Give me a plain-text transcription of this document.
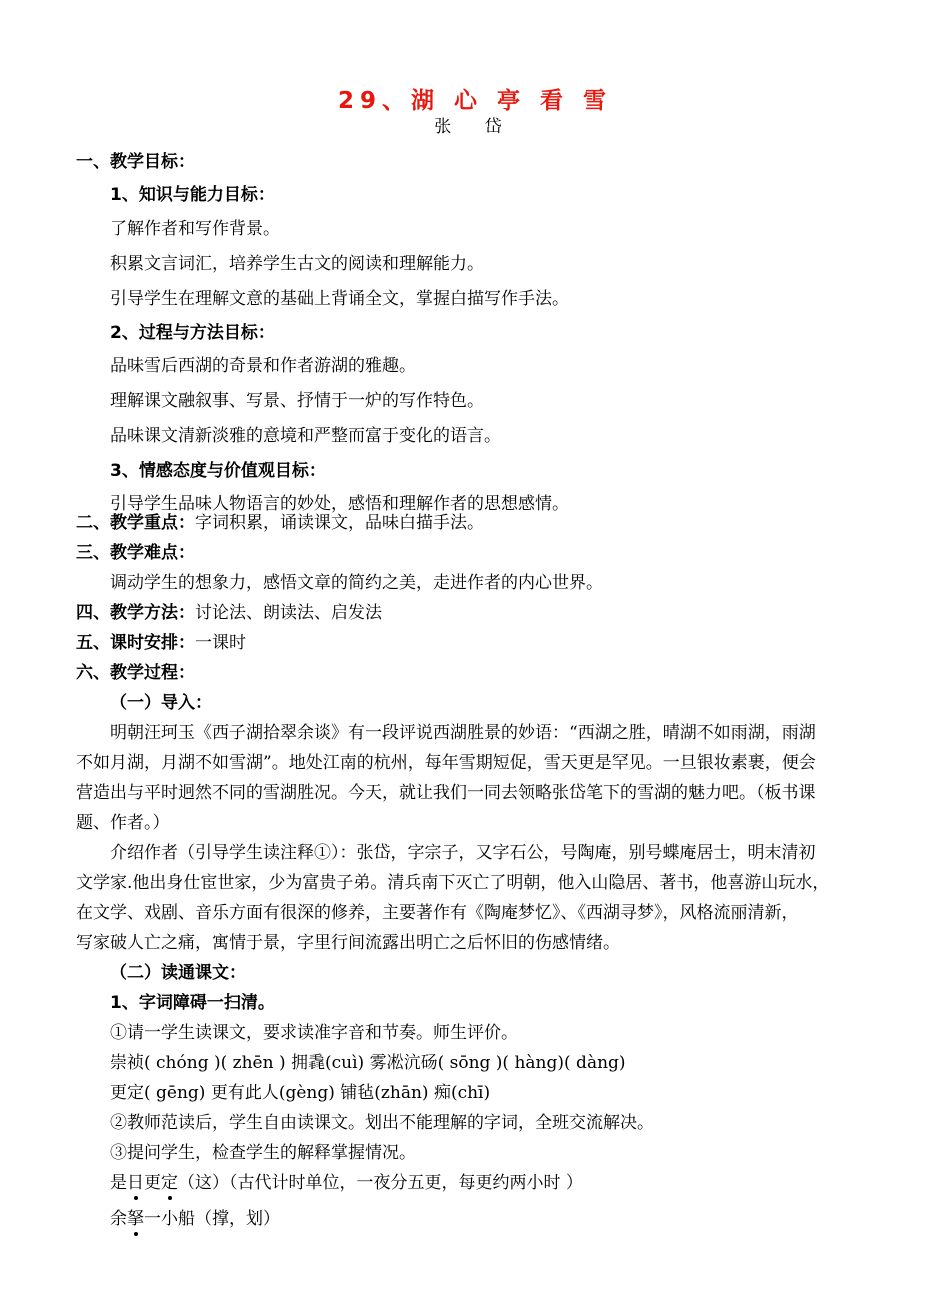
29、湖 心 亭 看 雪
张 岱
一、教学目标：
1、知识与能力目标：
了解作者和写作背景。
积累文言词汇，培养学生古文的阅读和理解能力。
引导学生在理解文意的基础上背诵全文，掌握白描写作手法。
2、过程与方法目标：
品味雪后西湖的奇景和作者游湖的雅趣。
理解课文融叙事、写景、抒情于一炉的写作特色。
品味课文清新淡雅的意境和严整而富于变化的语言。
3、情感态度与价值观目标：
引导学生品味人物语言的妙处，感悟和理解作者的思想感情。
二、教学重点：字词积累，诵读课文，品味白描手法。
三、教学难点：
调动学生的想象力，感悟文章的简约之美，走进作者的内心世界。
四、教学方法：讨论法、朗读法、启发法
五、课时安排：一课时
六、教学过程：
（一）导入：
明朝汪珂玉《西子湖拾翠余谈》有一段评说西湖胜景的妙语：“西湖之胜，晴湖不如雨湖，雨湖
不如月湖，月湖不如雪湖”。地处江南的杭州，每年雪期短促，雪天更是罕见。一旦银妆素裹，便会
营造出与平时迥然不同的雪湖胜况。今天，就让我们一同去领略张岱笔下的雪湖的魅力吧。（板书课
题、作者。）
介绍作者（引导学生读注释①）：张岱，字宗子，又字石公，号陶庵，别号蝶庵居士，明末清初
文学家.他出身仕宦世家，少为富贵子弟。清兵南下灭亡了明朝，他入山隐居、著书，他喜游山玩水，
在文学、戏剧、音乐方面有很深的修养，主要著作有《陶庵梦忆》、《西湖寻梦》，风格流丽清新，
写家破人亡之痛，寓情于景，字里行间流露出明亡之后怀旧的伤感情绪。
（二）读通课文：
1、字词障碍一扫清。
①请一学生读课文，要求读准字音和节奏。师生评价。
崇祯( chóng )( zhēn ) 拥毳(cuì) 雾凇沆砀( sōng )( hàng)( dàng)
更定( gēng) 更有此人(gèng) 铺毡(zhān) 痴(chī)
②教师范读后，学生自由读课文。划出不能理解的字词，全班交流解决。
③提问学生，检查学生的解释掌握情况。
是日更定（这）（古代计时单位，一夜分五更，每更约两小时 ）
余拏一小船（撑，划）
